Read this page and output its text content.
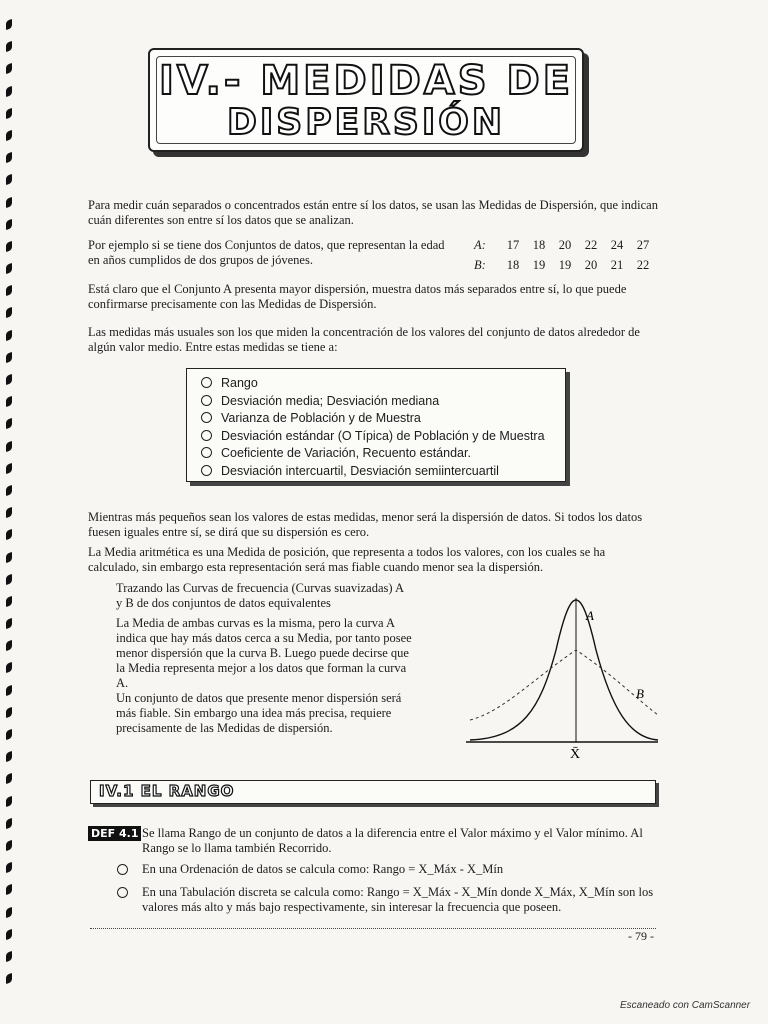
IV.- MEDIDAS DE
DISPERSIÓN

Para medir cuán separados o concentrados están entre sí los datos, se usan las Medidas de Dispersión, que indican cuán diferentes son entre sí los datos que se analizan.

Por ejemplo si se tiene dos Conjuntos de datos, que representan la edad en años cumplidos de dos grupos de jóvenes.

A: 17 18 20 22 24 27
B: 18 19 19 20 21 22

Está claro que el Conjunto A presenta mayor dispersión, muestra datos más separados entre sí, lo que puede confirmarse precisamente con las Medidas de Dispersión.

Las medidas más usuales son los que miden la concentración de los valores del conjunto de datos alrededor de algún valor medio. Entre estas medidas se tiene a:

Rango
Desviación media; Desviación mediana
Varianza de Población y de Muestra
Desviación estándar (O Típica) de Población y de Muestra
Coeficiente de Variación, Recuento estándar.
Desviación intercuartil, Desviación semiintercuartil

Mientras más pequeños sean los valores de estas medidas, menor será la dispersión de datos. Si todos los datos fuesen iguales entre sí, se dirá que su dispersión es cero.

La Media aritmética es una Medida de posición, que representa a todos los valores, con los cuales se ha calculado, sin embargo esta representación será mas fiable cuando menor sea la dispersión.

Trazando las Curvas de frecuencia (Curvas suavizadas) A y B de dos conjuntos de datos equivalentes

La Media de ambas curvas es la misma, pero la curva A indica que hay más datos cerca a su Media, por tanto posee menor dispersión que la curva B. Luego puede decirse que la Media representa mejor a los datos que forman la curva A.

Un conjunto de datos que presente menor dispersión será más fiable. Sin embargo una idea más precisa, requiere precisamente de las Medidas de dispersión.

A
B
X̄
IV.1 EL RANGO
DEF 4.1 Se llama Rango de un conjunto de datos a la diferencia entre el Valor máximo y el Valor mínimo. Al Rango se lo llama también Recorrido.

En una Ordenación de datos se calcula como: Rango = X_Máx - X_Mín

En una Tabulación discreta se calcula como: Rango = X_Máx - X_Mín donde X_Máx, X_Mín son los valores más alto y más bajo respectivamente, sin interesar la frecuencia que poseen.

- 79 -
Escaneado con CamScanner
